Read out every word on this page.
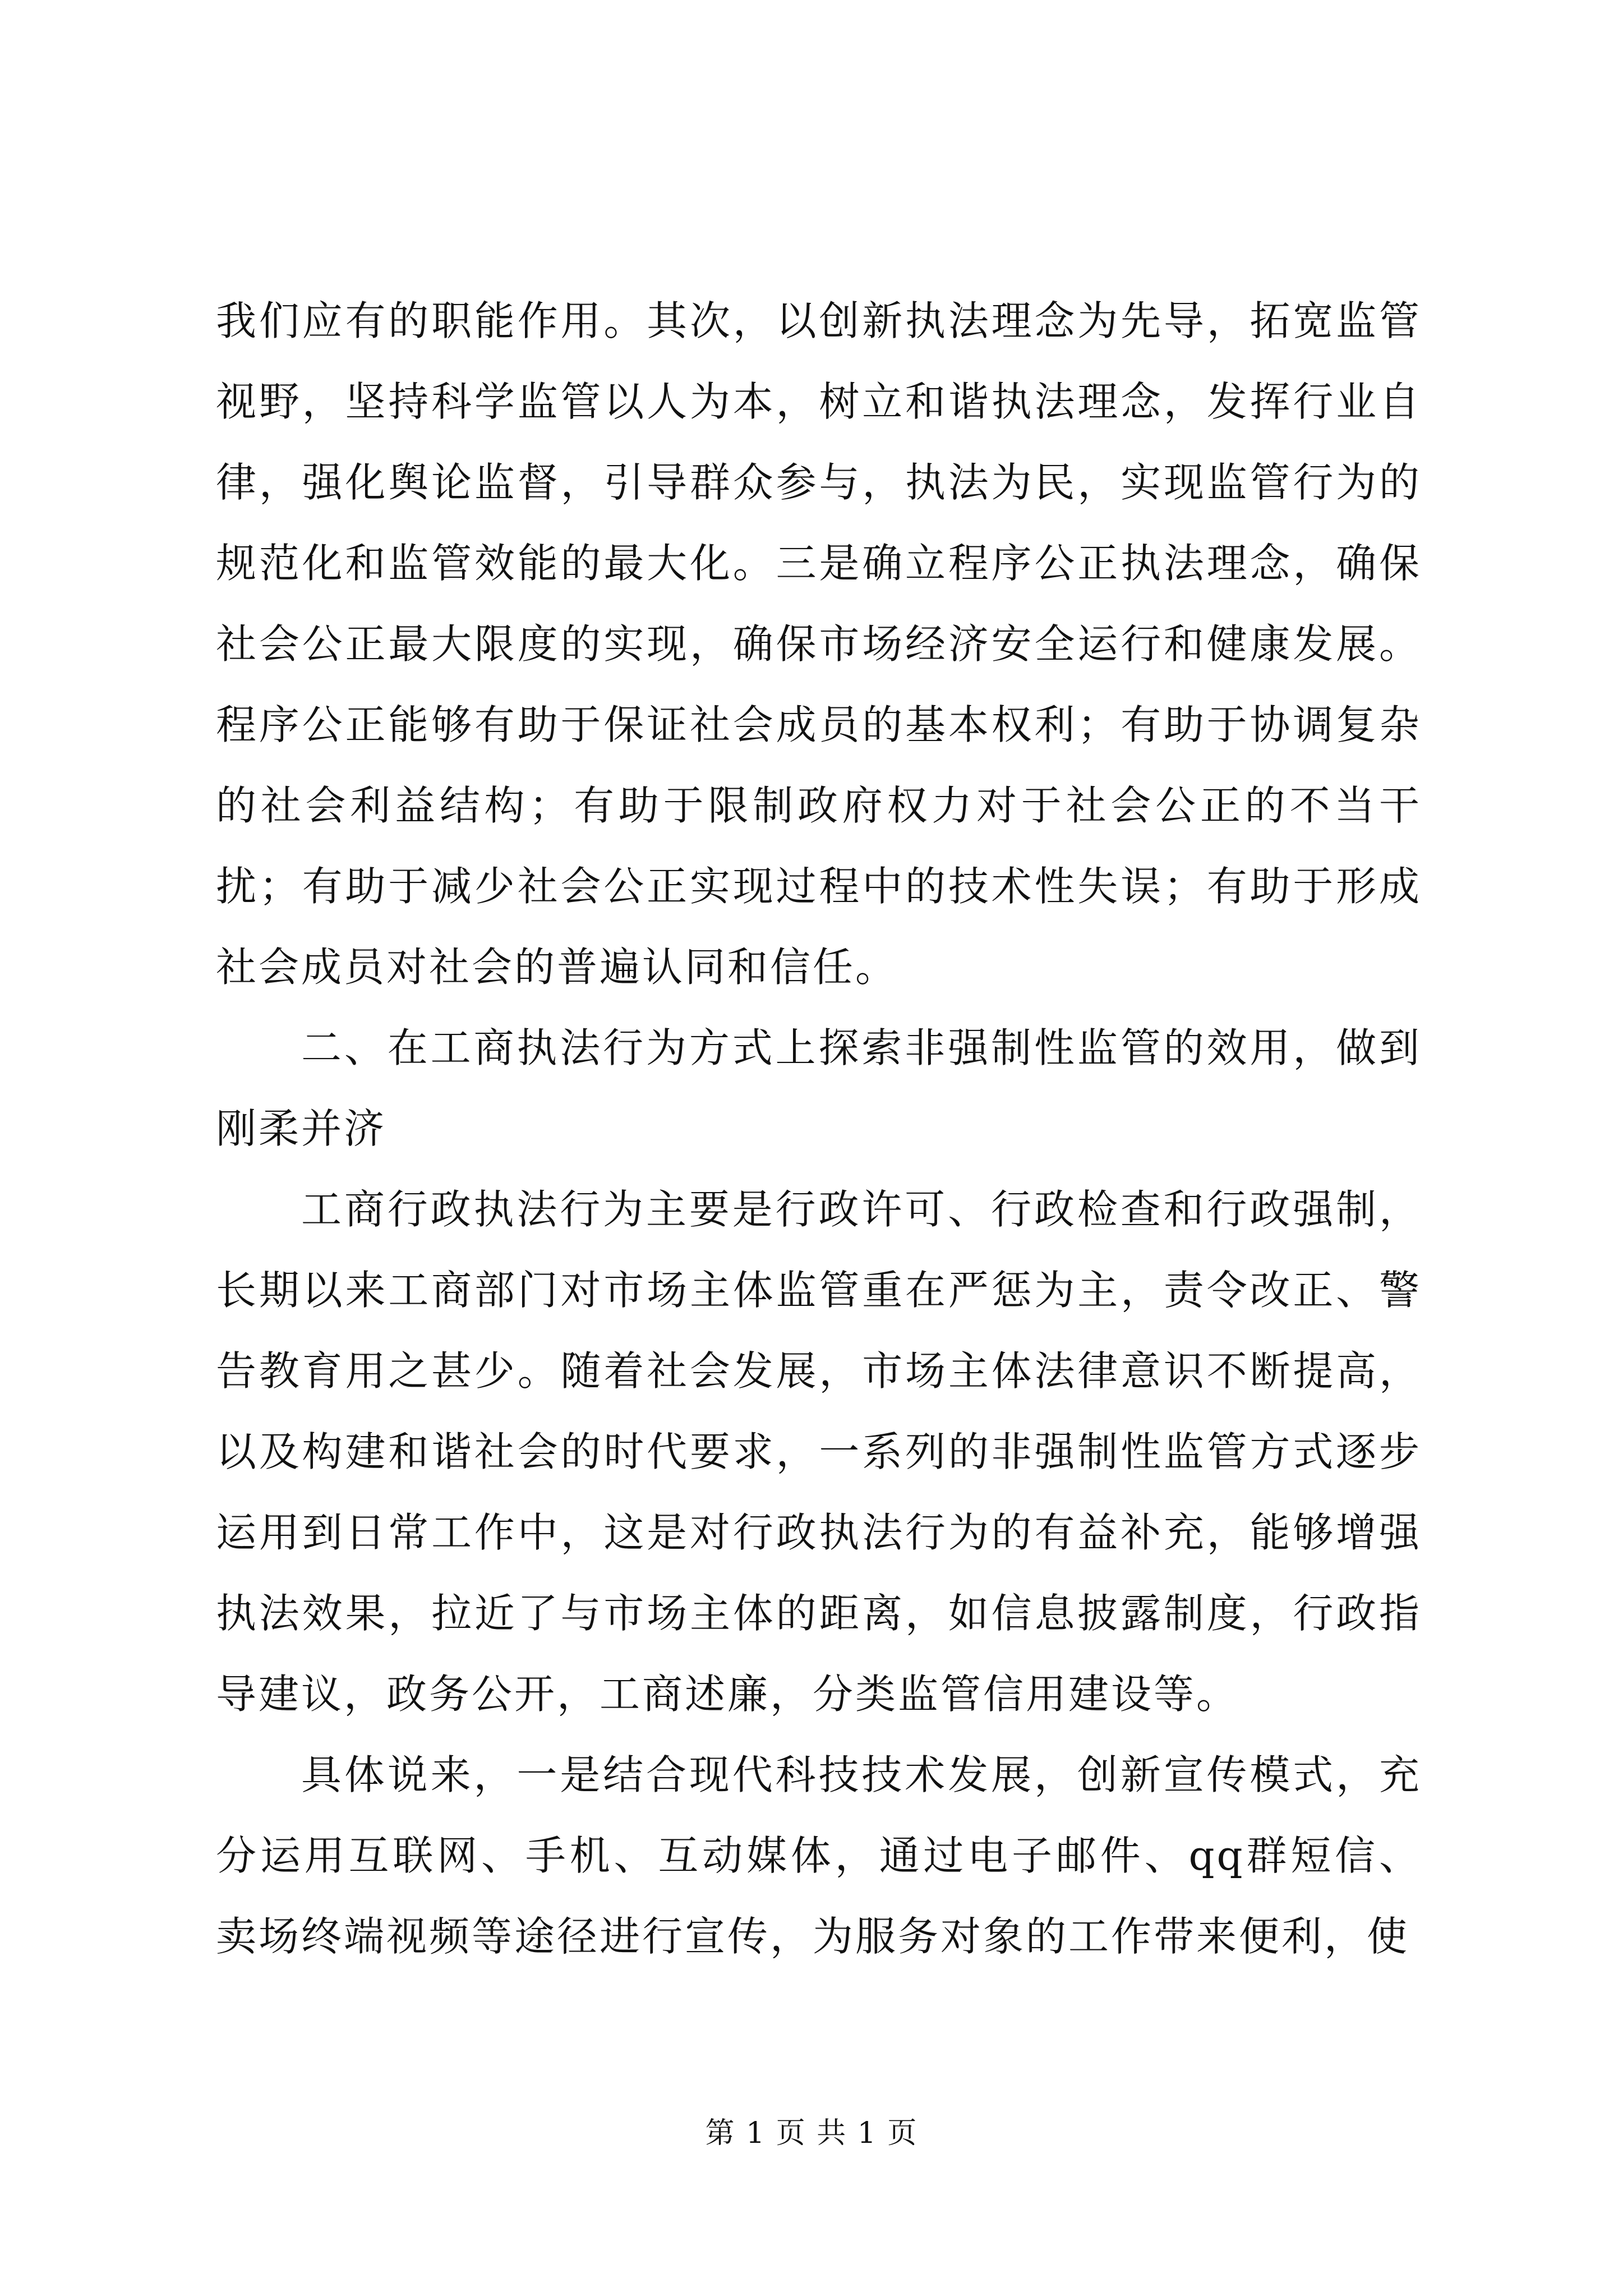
我们应有的职能作用。其次，以创新执法理念为先导，拓宽监管视野，坚持科学监管以人为本，树立和谐执法理念，发挥行业自律，强化舆论监督，引导群众参与，执法为民，实现监管行为的规范化和监管效能的最大化。三是确立程序公正执法理念，确保社会公正最大限度的实现，确保市场经济安全运行和健康发展。程序公正能够有助于保证社会成员的基本权利；有助于协调复杂的社会利益结构；有助于限制政府权力对于社会公正的不当干扰；有助于减少社会公正实现过程中的技术性失误；有助于形成社会成员对社会的普遍认同和信任。

二、在工商执法行为方式上探索非强制性监管的效用，做到刚柔并济

工商行政执法行为主要是行政许可、行政检查和行政强制，长期以来工商部门对市场主体监管重在严惩为主，责令改正、警告教育用之甚少。随着社会发展，市场主体法律意识不断提高，以及构建和谐社会的时代要求，一系列的非强制性监管方式逐步运用到日常工作中，这是对行政执法行为的有益补充，能够增强执法效果，拉近了与市场主体的距离，如信息披露制度，行政指导建议，政务公开，工商述廉，分类监管信用建设等。

具体说来，一是结合现代科技技术发展，创新宣传模式，充分运用互联网、手机、互动媒体，通过电子邮件、qq群短信、卖场终端视频等途径进行宣传，为服务对象的工作带来便利，使

第 1 页 共 1 页
